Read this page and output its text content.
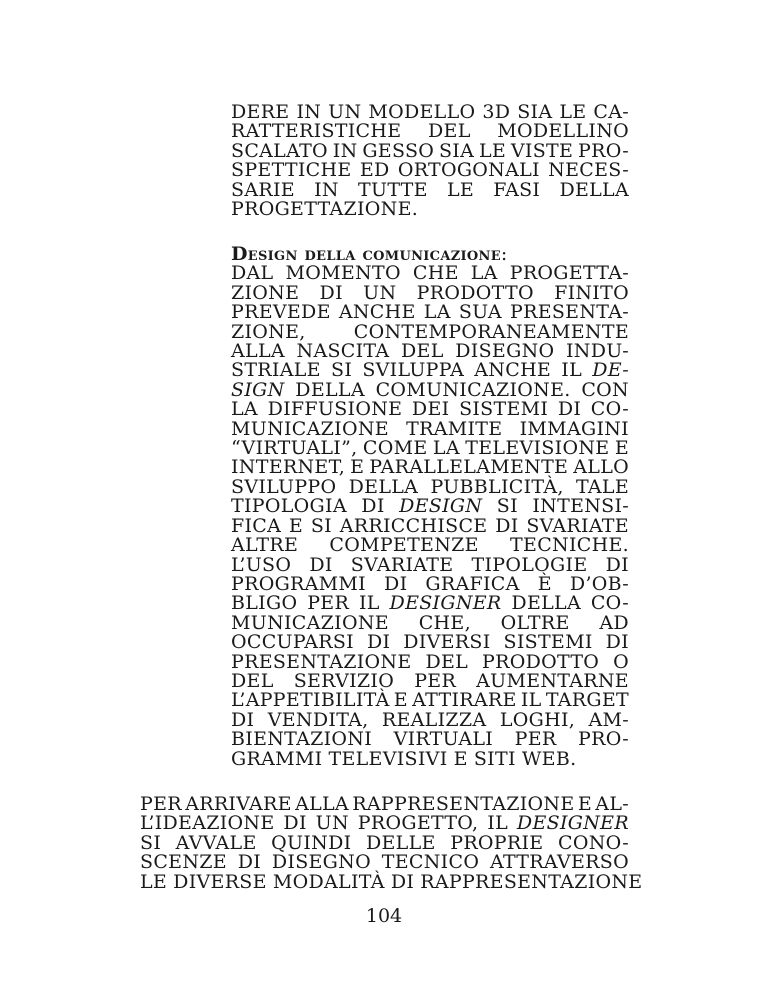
DERE IN UN MODELLO 3D SIA LE CA-
RATTERISTICHE DEL MODELLINO
SCALATO IN GESSO SIA LE VISTE PRO-
SPETTICHE ED ORTOGONALI NECES-
SARIE IN TUTTE LE FASI DELLA
PROGETTAZIONE.
Design della comunicazione :
DAL MOMENTO CHE LA PROGETTA-
ZIONE DI UN PRODOTTO FINITO
PREVEDE ANCHE LA SUA PRESENTA-
ZIONE,	CONTEMPORANEAMENTE
ALLA NASCITA DEL DISEGNO INDU-
STRIALE SI SVILUPPA ANCHE IL DE-
SIGN DELLA COMUNICAZIONE. CON
LA DIFFUSIONE DEI SISTEMI DI CO-
MUNICAZIONE TRAMITE IMMAGINI
“VIRTUALI”, COME LA TELEVISIONE E
INTERNET, E PARALLELAMENTE ALLO
SVILUPPO DELLA PUBBLICITÀ, TALE
TIPOLOGIA DI DESIGN SI INTENSI-
FICA E SI ARRICCHISCE DI SVARIATE
ALTRE COMPETENZE TECNICHE.
L’USO DI SVARIATE TIPOLOGIE DI
PROGRAMMI DI GRAFICA È D’OB-
BLIGO PER IL DESIGNER DELLA CO-
MUNICAZIONE CHE, OLTRE AD
OCCUPARSI DI DIVERSI SISTEMI DI
PRESENTAZIONE DEL PRODOTTO O
DEL SERVIZIO PER AUMENTARNE
L’APPETIBILITÀ E ATTIRARE IL TARGET
DI VENDITA, REALIZZA LOGHI, AM-
BIENTAZIONI VIRTUALI PER PRO-
GRAMMI TELEVISIVI E SITI WEB.
PER ARRIVARE ALLA RAPPRESENTAZIONE E AL-
L’IDEAZIONE DI UN PROGETTO, IL DESIGNER
SI AVVALE QUINDI DELLE PROPRIE CONO-
SCENZE DI DISEGNO TECNICO ATTRAVERSO
LE DIVERSE MODALITÀ DI RAPPRESENTAZIONE
104
